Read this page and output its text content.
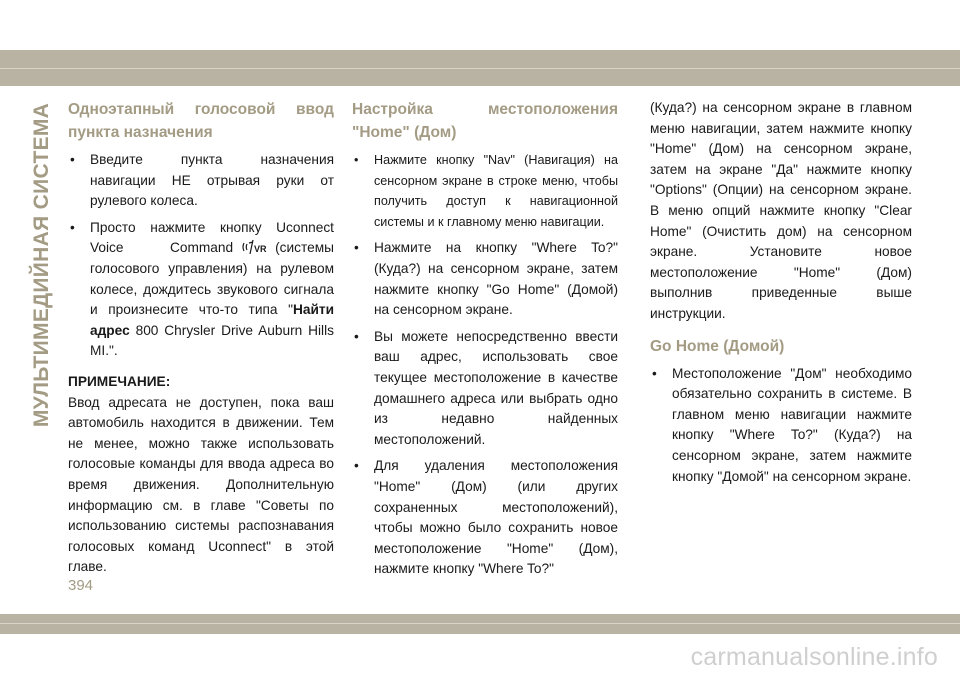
МУЛЬТИМЕДИЙНАЯ СИСТЕМА Одноэтапный голосовой ввод пункта назначения
• Введите пункта назначения навигации НЕ отрывая руки от рулевого колеса.
• Просто нажмите кнопку Uconnect Voice Command VR (системы голосового управления) на рулевом колесе, дождитесь звукового сигнала и произнесите что-то типа "Найти адрес 800 Chrysler Drive Auburn Hills MI.".

ПРИМЕЧАНИЕ:

Ввод адресата не доступен, пока ваш автомобиль находится в движении. Тем не менее, можно также использовать голосовые команды для ввода адреса во время движения. Дополнительную информацию см. в главе "Советы по использованию системы распознавания голосовых команд Uconnect" в этой главе.

Настройка местоположения "Home" (Дом)
• Нажмите кнопку "Nav" (Навигация) на сенсорном экране в строке меню, чтобы получить доступ к навигационной системы и к главному меню навигации.
• Нажмите на кнопку "Where To?" (Куда?) на сенсорном экране, затем нажмите кнопку "Go Home" (Домой) на сенсорном экране.
• Вы можете непосредственно ввести ваш адрес, использовать свое текущее местоположение в качестве домашнего адреса или выбрать одно из недавно найденных местоположений.
• Для удаления местоположения "Home" (Дом) (или других сохраненных местоположений), чтобы можно было сохранить новое местоположение "Home" (Дом), нажмите кнопку "Where To?"

(Куда?) на сенсорном экране в главном меню навигации, затем нажмите кнопку "Home" (Дом) на сенсорном экране, затем на экране "Да" нажмите кнопку "Options" (Опции) на сенсорном экране. В меню опций нажмите кнопку "Clear Home" (Очистить дом) на сенсорном экране. Установите новое местоположение "Home" (Дом) выполнив приведенные выше инструкции.

Go Home (Домой)
• Местоположение "Дом" необходимо обязательно сохранить в системе. В главном меню навигации нажмите кнопку "Where To?" (Куда?) на сенсорном экране, затем нажмите кнопку "Домой" на сенсорном экране.
394
carmanualsonline.info
